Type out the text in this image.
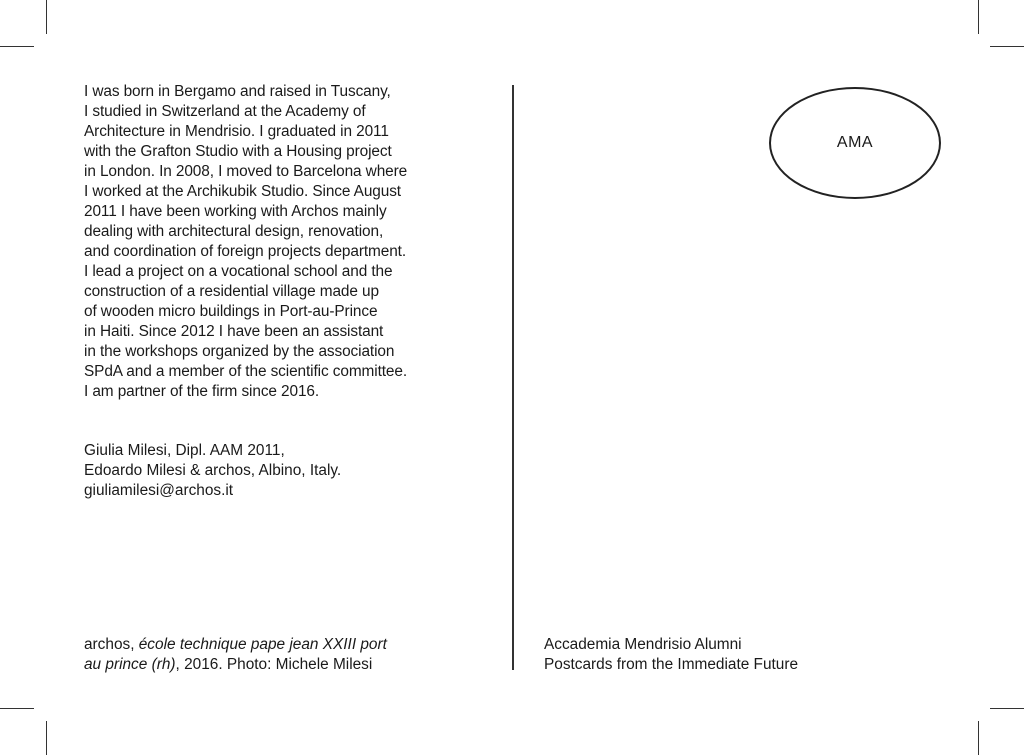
I was born in Bergamo and raised in Tuscany,
I studied in Switzerland at the Academy of
Architecture in Mendrisio. I graduated in 2011
with the Grafton Studio with a Housing project
in London. In 2008, I moved to Barcelona where
I worked at the Archikubik Studio. Since August
2011 I have been working with Archos mainly
dealing with architectural design, renovation,
and coordination of foreign projects department.
I lead a project on a vocational school and the
construction of a residential village made up
of wooden micro buildings in Port-au-Prince
in Haiti. Since 2012 I have been an assistant
in the workshops organized by the association
SPdA and a member of the scientific committee.
I am partner of the firm since 2016.
Giulia Milesi, Dipl. AAM 2011,
Edoardo Milesi & archos, Albino, Italy.
giuliamilesi@archos.it
archos, école technique pape jean XXIII port
au prince (rh), 2016. Photo: Michele Milesi
AMA
Accademia Mendrisio Alumni
Postcards from the Immediate Future
